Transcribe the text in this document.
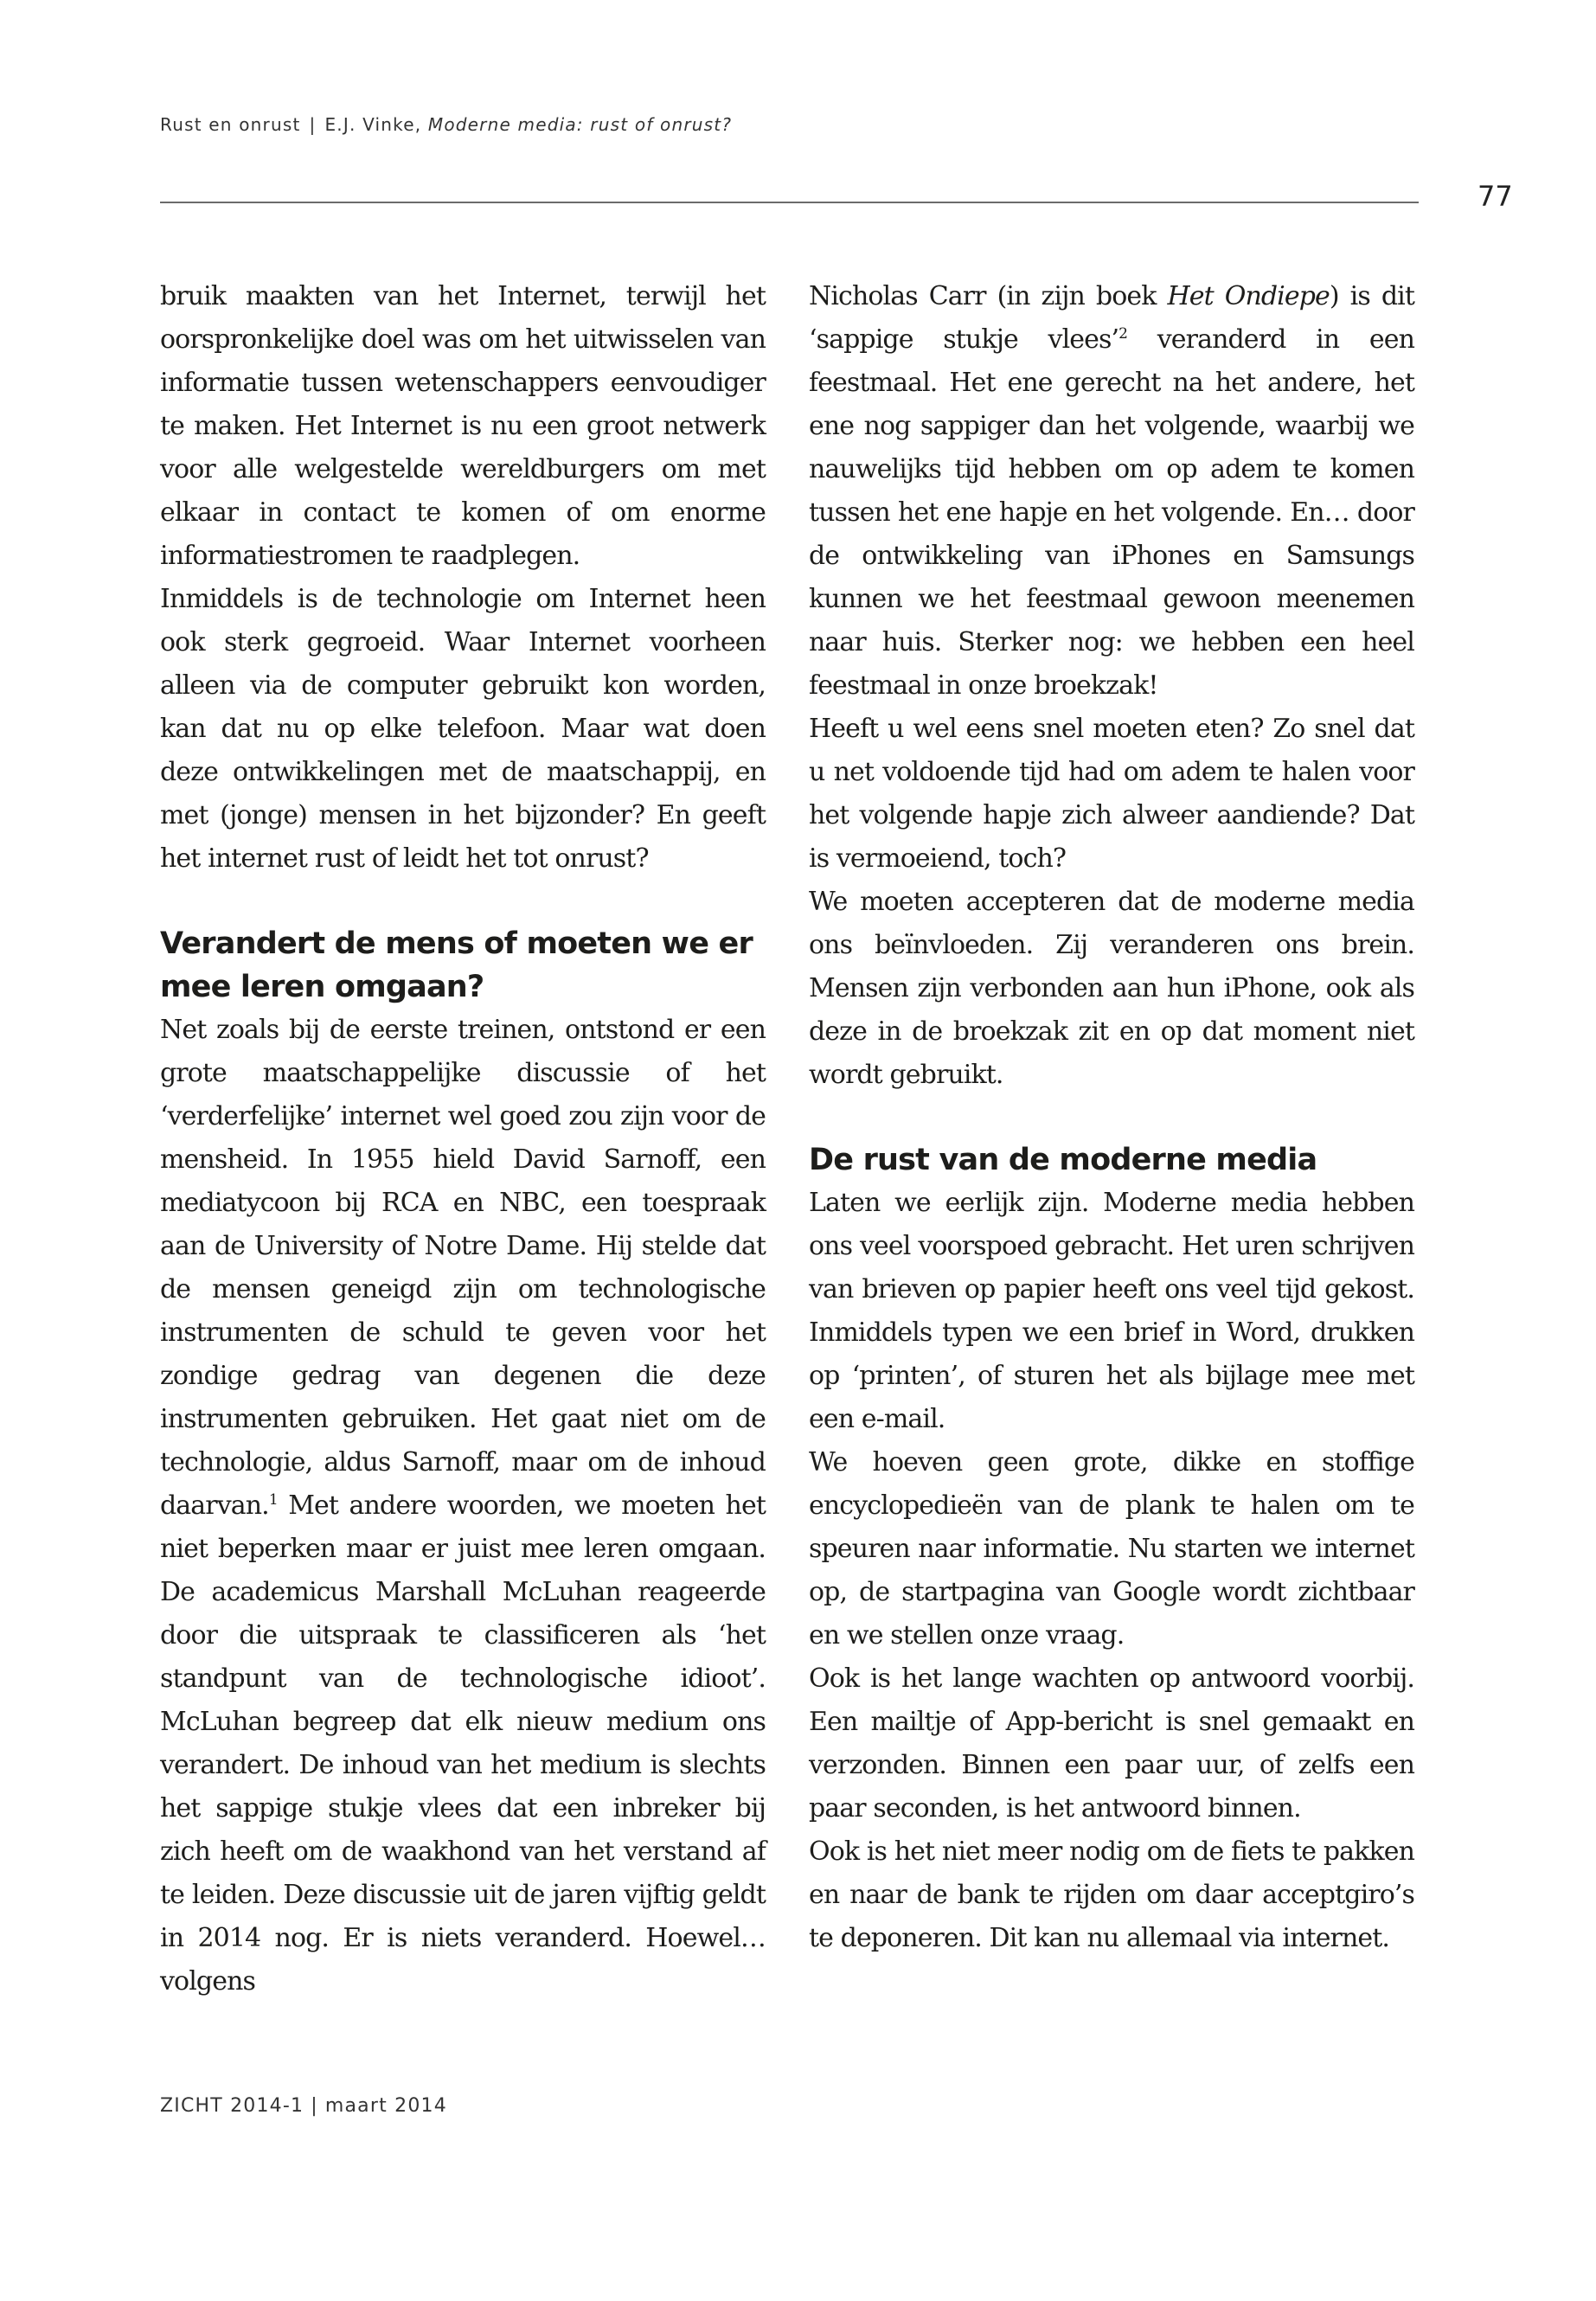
Rust en onrust | E.J. Vinke, Moderne media: rust of onrust?
77

bruik maakten van het Internet, terwijl het oorspronkelijke doel was om het uitwisselen van informatie tussen wetenschappers eenvoudiger te maken. Het Internet is nu een groot netwerk voor alle welgestelde wereldburgers om met elkaar in contact te komen of om enorme informatiestromen te raadplegen.

Inmiddels is de technologie om Internet heen ook sterk gegroeid. Waar Internet voorheen alleen via de computer gebruikt kon worden, kan dat nu op elke telefoon. Maar wat doen deze ontwikkelingen met de maatschappij, en met (jonge) mensen in het bijzonder? En geeft het internet rust of leidt het tot onrust?

Verandert de mens of moeten we er mee leren omgaan?

Net zoals bij de eerste treinen, ontstond er een grote maatschappelijke discussie of het ‘verderfelijke’ internet wel goed zou zijn voor de mensheid. In 1955 hield David Sarnoff, een mediatycoon bij RCA en NBC, een toespraak aan de University of Notre Dame. Hij stelde dat de mensen geneigd zijn om technologische instrumenten de schuld te geven voor het zondige gedrag van degenen die deze instrumenten gebruiken. Het gaat niet om de technologie, aldus Sarnoff, maar om de inhoud daarvan.$^1$ Met andere woorden, we moeten het niet beperken maar er juist mee leren omgaan. De academicus Marshall McLuhan reageerde door die uitspraak te classificeren als ‘het standpunt van de technologische idioot’. McLuhan begreep dat elk nieuw medium ons verandert. De inhoud van het medium is slechts het sappige stukje vlees dat een inbreker bij zich heeft om de waakhond van het verstand af te leiden. Deze discussie uit de jaren vijftig geldt in 2014 nog. Er is niets veranderd. Hoewel… volgens

Nicholas Carr (in zijn boek Het Ondiepe) is dit ‘sappige stukje vlees’$^2$ veranderd in een feestmaal. Het ene gerecht na het andere, het ene nog sappiger dan het volgende, waarbij we nauwelijks tijd hebben om op adem te komen tussen het ene hapje en het volgende. En… door de ontwikkeling van iPhones en Samsungs kunnen we het feestmaal gewoon meenemen naar huis. Sterker nog: we hebben een heel feestmaal in onze broekzak!

Heeft u wel eens snel moeten eten? Zo snel dat u net voldoende tijd had om adem te halen voor het volgende hapje zich alweer aandiende? Dat is vermoeiend, toch?

We moeten accepteren dat de moderne media ons beïnvloeden. Zij veranderen ons brein. Mensen zijn verbonden aan hun iPhone, ook als deze in de broekzak zit en op dat moment niet wordt gebruikt.

De rust van de moderne media

Laten we eerlijk zijn. Moderne media hebben ons veel voorspoed gebracht. Het uren schrijven van brieven op papier heeft ons veel tijd gekost. Inmiddels typen we een brief in Word, drukken op ‘printen’, of sturen het als bijlage mee met een e-mail.

We hoeven geen grote, dikke en stoffige encyclopedieën van de plank te halen om te speuren naar informatie. Nu starten we internet op, de startpagina van Google wordt zichtbaar en we stellen onze vraag.

Ook is het lange wachten op antwoord voorbij. Een mailtje of App-bericht is snel gemaakt en verzonden. Binnen een paar uur, of zelfs een paar seconden, is het antwoord binnen.

Ook is het niet meer nodig om de fiets te pakken en naar de bank te rijden om daar acceptgiro’s te deponeren. Dit kan nu allemaal via internet.

ZICHT 2014-1 | maart 2014
